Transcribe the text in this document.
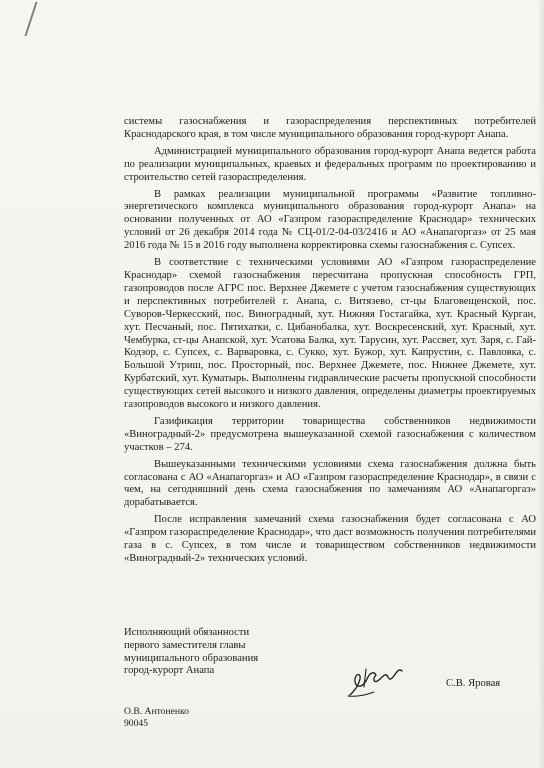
системы газоснабжения и газораспределения перспективных потребителей Краснодарского края, в том числе муниципального образования город-курорт Анапа.

Администрацией муниципального образования город-курорт Анапа ведется работа по реализации муниципальных, краевых и федеральных программ по проектированию и строительство сетей газораспределения.

В рамках реализации муниципальной программы «Развитие топливно-энергетического комплекса муниципального образования город-курорт Анапа» на основании полученных от АО «Газпром газораспределение Краснодар» технических условий от 26 декабря 2014 года № СЦ-01/2-04-03/2416 и АО «Анапагоргаз» от 25 мая 2016 года № 15 в 2016 году выполнена корректировка схемы газоснабжения с. Супсех.

В соответствие с техническими условиями АО «Газпром газораспределение Краснодар» схемой газоснабжения пересчитана пропускная способность ГРП, газопроводов после АГРС пос. Верхнее Джемете с учетом газоснабжения существующих и перспективных потребителей г. Анапа, с. Витязево, ст-цы Благовещенской, пос. Суворов-Черкесский, пос. Виноградный, хут. Нижняя Гостагайка, хут. Красный Курган, хут. Песчаный, пос. Пятихатки, с. Цибанобалка, хут. Воскресенский, хут. Красный, хут. Чембурка, ст-цы Анапской, хут. Усатова Балка, хут. Тарусин, хут. Рассвет, хут. Заря, с. Гай-Кодзор, с. Супсех, с. Варваровка, с. Сукко, хут. Бужор, хут. Капрустин, с. Павловка, с. Большой Утриш, пос. Просторный, пос. Верхнее Джемете, пос. Нижнее Джемете, хут. Курбатский, хут. Куматырь. Выполнены гидравлические расчеты пропускной способности существующих сетей высокого и низкого давления, определены диаметры проектируемых газопроводов высокого и низкого давления.

Газификация территории товарищества собственников недвижимости «Виноградный-2» предусмотрена вышеуказанной схемой газоснабжения с количеством участков – 274.

Вышеуказанными техническими условиями схема газоснабжения должна быть согласована с АО «Анапагоргаз» и АО «Газпром газораспределение Краснодар», в связи с чем, на сегодняшний день схема газоснабжения по замечаниям АО «Анапагоргаз» дорабатывается.

После исправления замечаний схема газоснабжения будет согласована с АО «Газпром газораспределение Краснодар», что даст возможность получения потребителями газа в с. Супсех, в том числе и товариществом собственников недвижимости «Виноградный-2» технических условий.

Исполняющий обязанности
первого заместителя главы
муниципального образования
город-курорт Анапа
С.В. Яровая
О.В. Антоненко
90045
